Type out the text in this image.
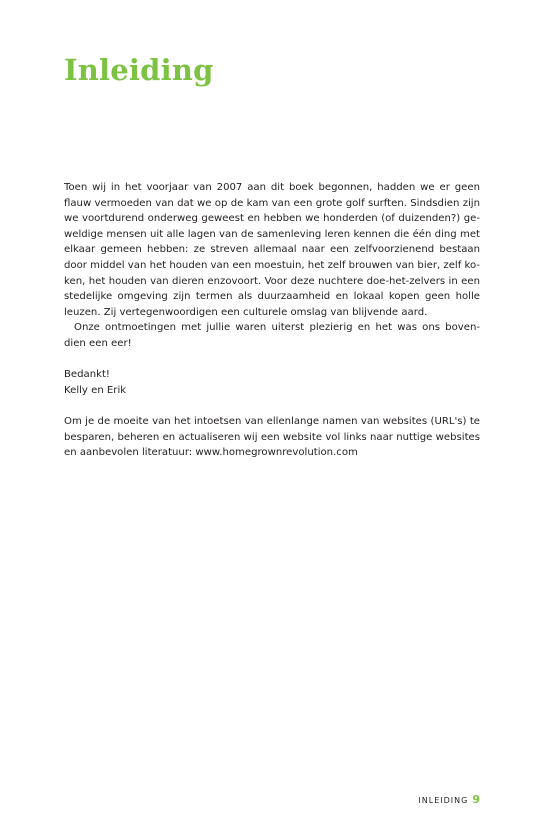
Inleiding

Toen wij in het voorjaar van 2007 aan dit boek begonnen, hadden we er geen
flauw vermoeden van dat we op de kam van een grote golf surften. Sindsdien zijn
we voortdurend onderweg geweest en hebben we honderden (of duizenden?) ge-
weldige mensen uit alle lagen van de samenleving leren kennen die één ding met
elkaar gemeen hebben: ze streven allemaal naar een zelfvoorzienend bestaan
door middel van het houden van een moestuin, het zelf brouwen van bier, zelf ko-
ken, het houden van dieren enzovoort. Voor deze nuchtere doe-het-zelvers in een
stedelijke omgeving zijn termen als duurzaamheid en lokaal kopen geen holle
leuzen. Zij vertegenwoordigen een culturele omslag van blijvende aard.

Onze ontmoetingen met jullie waren uiterst plezierig en het was ons boven-
dien een eer!

Bedankt!
Kelly en Erik

Om je de moeite van het intoetsen van ellenlange namen van websites (URL's) te
besparen, beheren en actualiseren wij een website vol links naar nuttige websites
en aanbevolen literatuur: www.homegrownrevolution.com

INLEIDING 9
